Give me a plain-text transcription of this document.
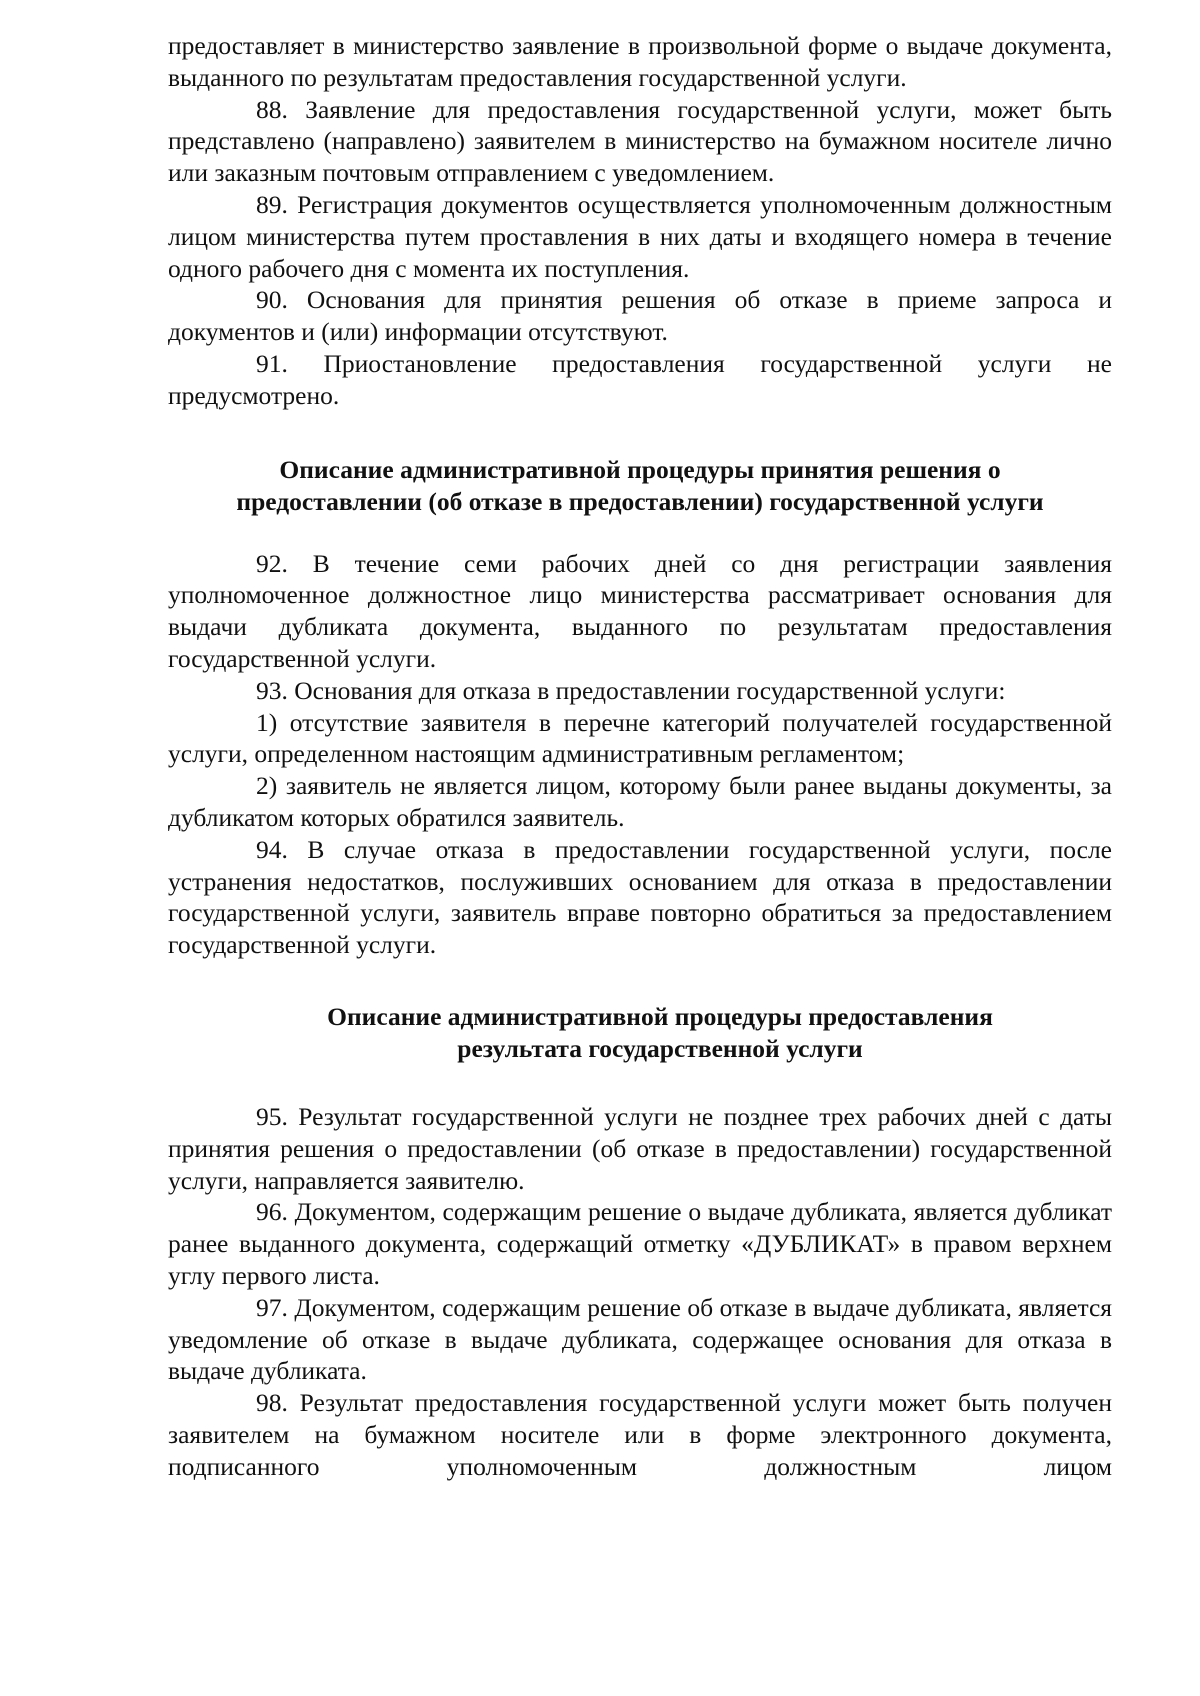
предоставляет в министерство заявление в произвольной форме о выдаче документа, выданного по результатам предоставления государственной услуги.

88. Заявление для предоставления государственной услуги, может быть представлено (направлено) заявителем в министерство на бумажном носителе лично или заказным почтовым отправлением с уведомлением.

89. Регистрация документов осуществляется уполномоченным должностным лицом министерства путем проставления в них даты и входящего номера в течение одного рабочего дня с момента их поступления.

90. Основания для принятия решения об отказе в приеме запроса и документов и (или) информации отсутствуют.

91. Приостановление предоставления государственной услуги не предусмотрено.

Описание административной процедуры принятия решения о
предоставлении (об отказе в предоставлении) государственной услуги

92. В течение семи рабочих дней со дня регистрации заявления уполномоченное должностное лицо министерства рассматривает основания для выдачи дубликата документа, выданного по результатам предоставления государственной услуги.

93. Основания для отказа в предоставлении государственной услуги:

1) отсутствие заявителя в перечне категорий получателей государственной услуги, определенном настоящим административным регламентом;

2) заявитель не является лицом, которому были ранее выданы документы, за дубликатом которых обратился заявитель.

94. В случае отказа в предоставлении государственной услуги, после устранения недостатков, послуживших основанием для отказа в предоставлении государственной услуги, заявитель вправе повторно обратиться за предоставлением государственной услуги.

Описание административной процедуры предоставления
результата государственной услуги

95. Результат государственной услуги не позднее трех рабочих дней с даты принятия решения о предоставлении (об отказе в предоставлении) государственной услуги, направляется заявителю.

96. Документом, содержащим решение о выдаче дубликата, является дубликат ранее выданного документа, содержащий отметку «ДУБЛИКАТ» в правом верхнем углу первого листа.

97. Документом, содержащим решение об отказе в выдаче дубликата, является уведомление об отказе в выдаче дубликата, содержащее основания для отказа в выдаче дубликата.

98. Результат предоставления государственной услуги может быть получен заявителем на бумажном носителе или в форме электронного документа, подписанного уполномоченным должностным лицом
